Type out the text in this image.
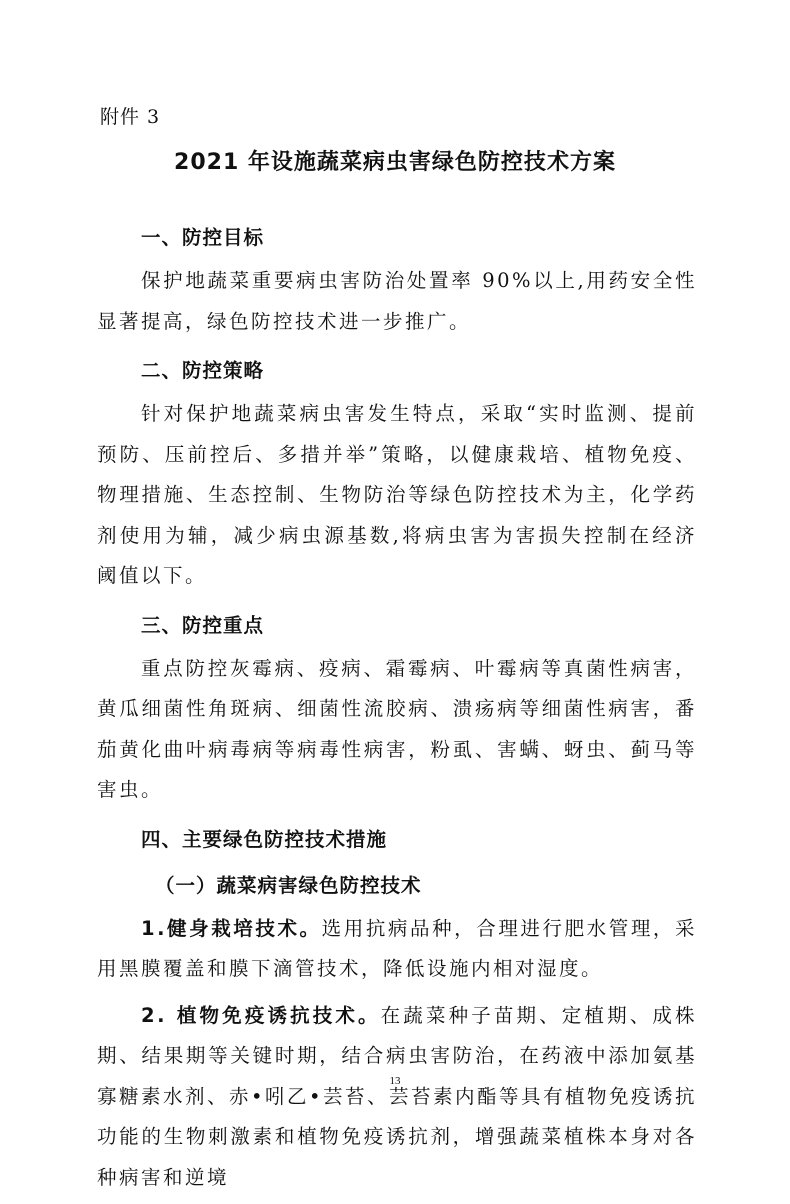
附件 3
2021 年设施蔬菜病虫害绿色防控技术方案
一、防控目标

保护地蔬菜重要病虫害防治处置率 90%以上,用药安全性显著提高，绿色防控技术进一步推广。

二、防控策略

针对保护地蔬菜病虫害发生特点，采取“实时监测、提前预防、压前控后、多措并举”策略，以健康栽培、植物免疫、物理措施、生态控制、生物防治等绿色防控技术为主，化学药剂使用为辅，减少病虫源基数,将病虫害为害损失控制在经济阈值以下。

三、防控重点

重点防控灰霉病、疫病、霜霉病、叶霉病等真菌性病害，黄瓜细菌性角斑病、细菌性流胶病、溃疡病等细菌性病害，番茄黄化曲叶病毒病等病毒性病害，粉虱、害螨、蚜虫、蓟马等害虫。

四、主要绿色防控技术措施
（一）蔬菜病害绿色防控技术

1.健身栽培技术。选用抗病品种，合理进行肥水管理，采用黑膜覆盖和膜下滴管技术，降低设施内相对湿度。

2. 植物免疫诱抗技术。在蔬菜种子苗期、定植期、成株期、结果期等关键时期，结合病虫害防治，在药液中添加氨基寡糖素水剂、赤•吲乙•芸苔、芸苔素内酯等具有植物免疫诱抗功能的生物刺激素和植物免疫诱抗剂，增强蔬菜植株本身对各种病害和逆境

13
